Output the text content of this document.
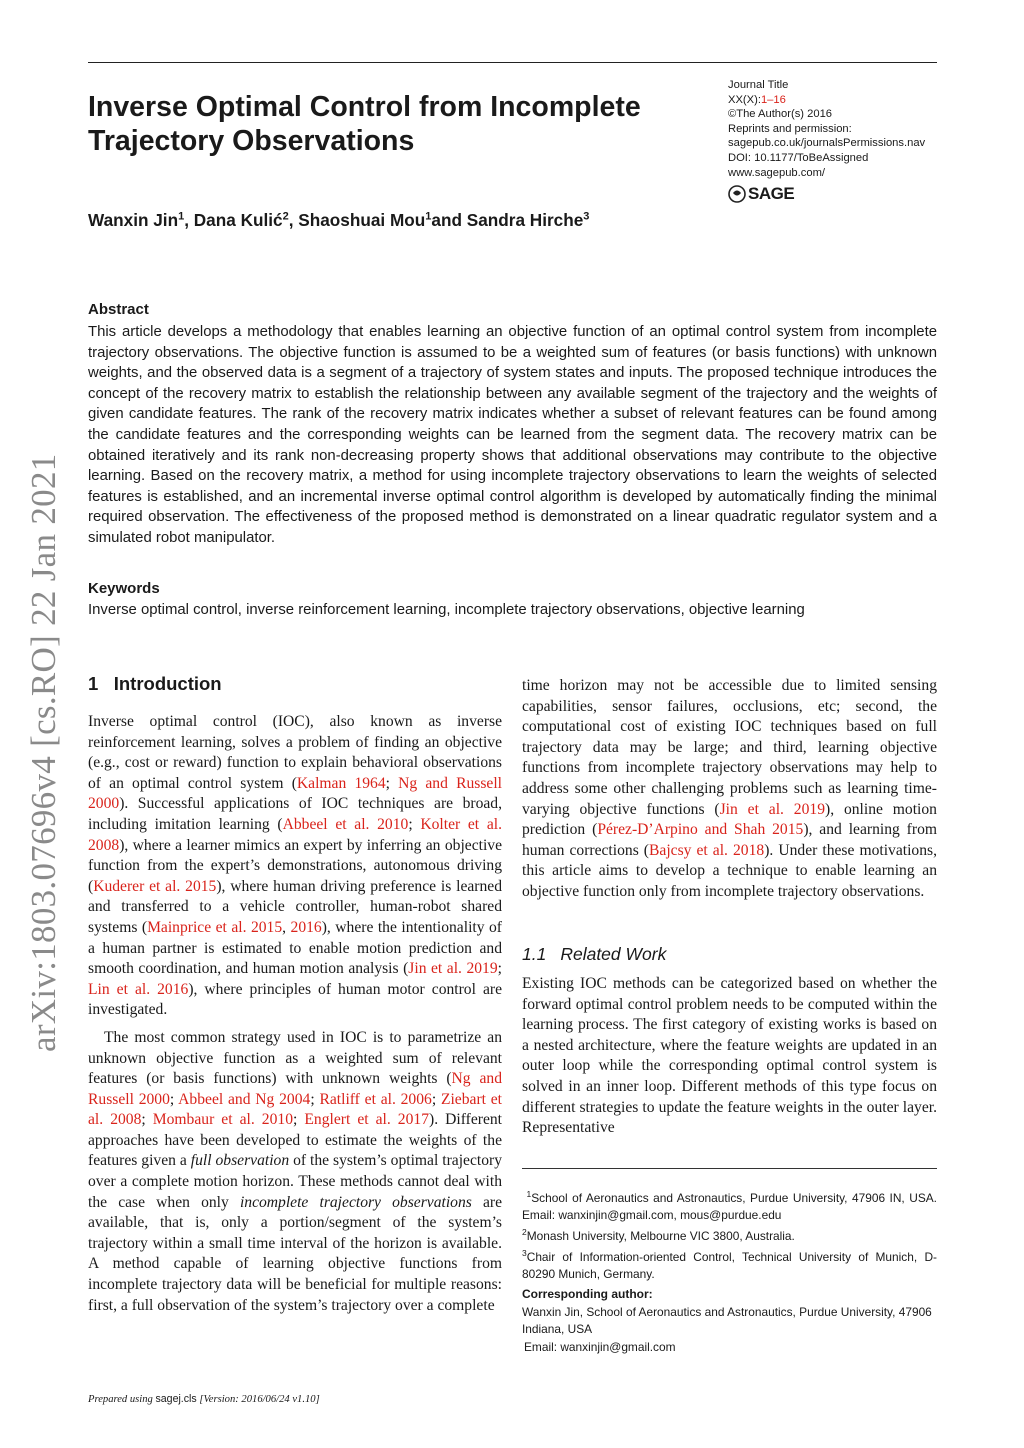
Inverse Optimal Control from Incomplete Trajectory Observations
Journal Title
XX(X):1–16
©The Author(s) 2016
Reprints and permission:
sagepub.co.uk/journalsPermissions.nav
DOI: 10.1177/ToBeAssigned
www.sagepub.com/
SAGE
Wanxin Jin$^1$, Dana Kulić$^2$, Shaoshuai Mou$^1$and Sandra Hirche$^3$
arXiv:1803.07696v4 [cs.RO] 22 Jan 2021
Abstract

This article develops a methodology that enables learning an objective function of an optimal control system from incomplete trajectory observations. The objective function is assumed to be a weighted sum of features (or basis functions) with unknown weights, and the observed data is a segment of a trajectory of system states and inputs. The proposed technique introduces the concept of the recovery matrix to establish the relationship between any available segment of the trajectory and the weights of given candidate features. The rank of the recovery matrix indicates whether a subset of relevant features can be found among the candidate features and the corresponding weights can be learned from the segment data. The recovery matrix can be obtained iteratively and its rank non-decreasing property shows that additional observations may contribute to the objective learning. Based on the recovery matrix, a method for using incomplete trajectory observations to learn the weights of selected features is established, and an incremental inverse optimal control algorithm is developed by automatically finding the minimal required observation. The effectiveness of the proposed method is demonstrated on a linear quadratic regulator system and a simulated robot manipulator.

Keywords

Inverse optimal control, inverse reinforcement learning, incomplete trajectory observations, objective learning

1 Introduction

Inverse optimal control (IOC), also known as inverse reinforcement learning, solves a problem of finding an objective (e.g., cost or reward) function to explain behavioral observations of an optimal control system (Kalman 1964; Ng and Russell 2000). Successful applications of IOC techniques are broad, including imitation learning (Abbeel et al. 2010; Kolter et al. 2008), where a learner mimics an expert by inferring an objective function from the expert’s demonstrations, autonomous driving (Kuderer et al. 2015), where human driving preference is learned and transferred to a vehicle controller, human-robot shared systems (Mainprice et al. 2015, 2016), where the intentionality of a human partner is estimated to enable motion prediction and smooth coordination, and human motion analysis (Jin et al. 2019; Lin et al. 2016), where principles of human motor control are investigated.

The most common strategy used in IOC is to parametrize an unknown objective function as a weighted sum of relevant features (or basis functions) with unknown weights (Ng and Russell 2000; Abbeel and Ng 2004; Ratliff et al. 2006; Ziebart et al. 2008; Mombaur et al. 2010; Englert et al. 2017). Different approaches have been developed to estimate the weights of the features given a full observation of the system’s optimal trajectory over a complete motion horizon. These methods cannot deal with the case when only incomplete trajectory observations are available, that is, only a portion/segment of the system’s trajectory within a small time interval of the horizon is available. A method capable of learning objective functions from incomplete trajectory data will be beneficial for multiple reasons: first, a full observation of the system’s trajectory over a complete

time horizon may not be accessible due to limited sensing capabilities, sensor failures, occlusions, etc; second, the computational cost of existing IOC techniques based on full trajectory data may be large; and third, learning objective functions from incomplete trajectory observations may help to address some other challenging problems such as learning time-varying objective functions (Jin et al. 2019), online motion prediction (Pérez-D’Arpino and Shah 2015), and learning from human corrections (Bajcsy et al. 2018). Under these motivations, this article aims to develop a technique to enable learning an objective function only from incomplete trajectory observations.

1.1 Related Work

Existing IOC methods can be categorized based on whether the forward optimal control problem needs to be computed within the learning process. The first category of existing works is based on a nested architecture, where the feature weights are updated in an outer loop while the corresponding optimal control system is solved in an inner loop. Different methods of this type focus on different strategies to update the feature weights in the outer layer. Representative

$^1$School of Aeronautics and Astronautics, Purdue University, 47906 IN, USA. Email: wanxinjin@gmail.com, mous@purdue.edu
$^2$Monash University, Melbourne VIC 3800, Australia.
$^3$Chair of Information-oriented Control, Technical University of Munich, D-80290 Munich, Germany.
Corresponding author:
Wanxin Jin, School of Aeronautics and Astronautics, Purdue University, 47906 Indiana, USA
Email: wanxinjin@gmail.com
Prepared using sagej.cls [Version: 2016/06/24 v1.10]
